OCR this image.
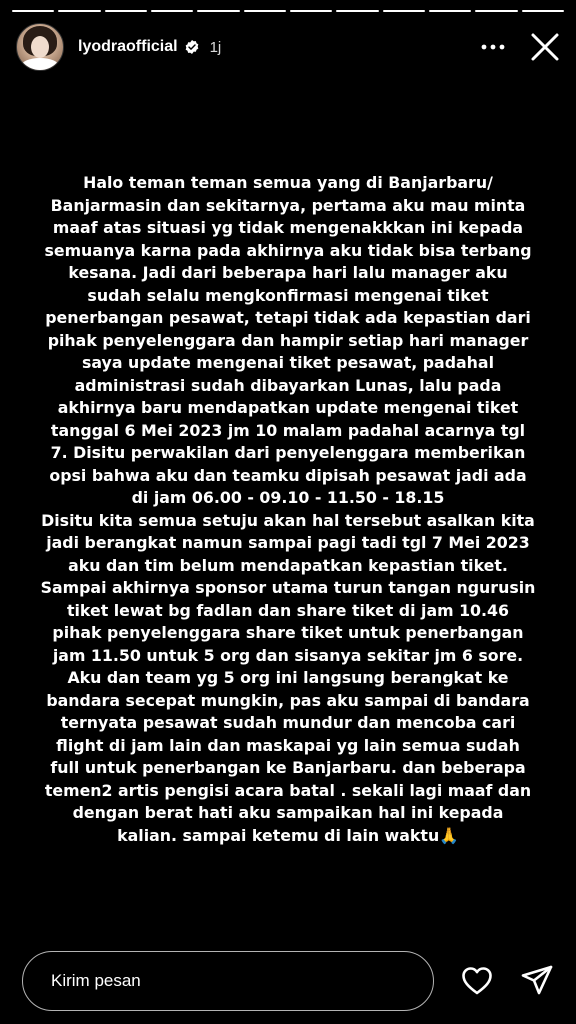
lyodraofficial 1j

Halo teman teman semua yang di Banjarbaru/ Banjarmasin dan sekitarnya, pertama aku mau minta maaf atas situasi yg tidak mengenakkkan ini kepada semuanya karna pada akhirnya aku tidak bisa terbang kesana. Jadi dari beberapa hari lalu manager aku sudah selalu mengkonfirmasi mengenai tiket penerbangan pesawat, tetapi tidak ada kepastian dari pihak penyelenggara dan hampir setiap hari manager saya update mengenai tiket pesawat, padahal administrasi sudah dibayarkan Lunas, lalu pada akhirnya baru mendapatkan update mengenai tiket tanggal 6 Mei 2023 jm 10 malam padahal acarnya tgl 7. Disitu perwakilan dari penyelenggara memberikan opsi bahwa aku dan teamku dipisah pesawat jadi ada di jam 06.00 - 09.10 - 11.50 - 18.15

Disitu kita semua setuju akan hal tersebut asalkan kita jadi berangkat namun sampai pagi tadi tgl 7 Mei 2023 aku dan tim belum mendapatkan kepastian tiket. Sampai akhirnya sponsor utama turun tangan ngurusin tiket lewat bg fadlan dan share tiket di jam 10.46 pihak penyelenggara share tiket untuk penerbangan jam 11.50 untuk 5 org dan sisanya sekitar jm 6 sore.

Aku dan team yg 5 org ini langsung berangkat ke bandara secepat mungkin, pas aku sampai di bandara ternyata pesawat sudah mundur dan mencoba cari flight di jam lain dan maskapai yg lain semua sudah full untuk penerbangan ke Banjarbaru. dan beberapa temen2 artis pengisi acara batal . sekali lagi maaf dan dengan berat hati aku sampaikan hal ini kepada kalian. sampai ketemu di lain waktu🙏

Kirim pesan
